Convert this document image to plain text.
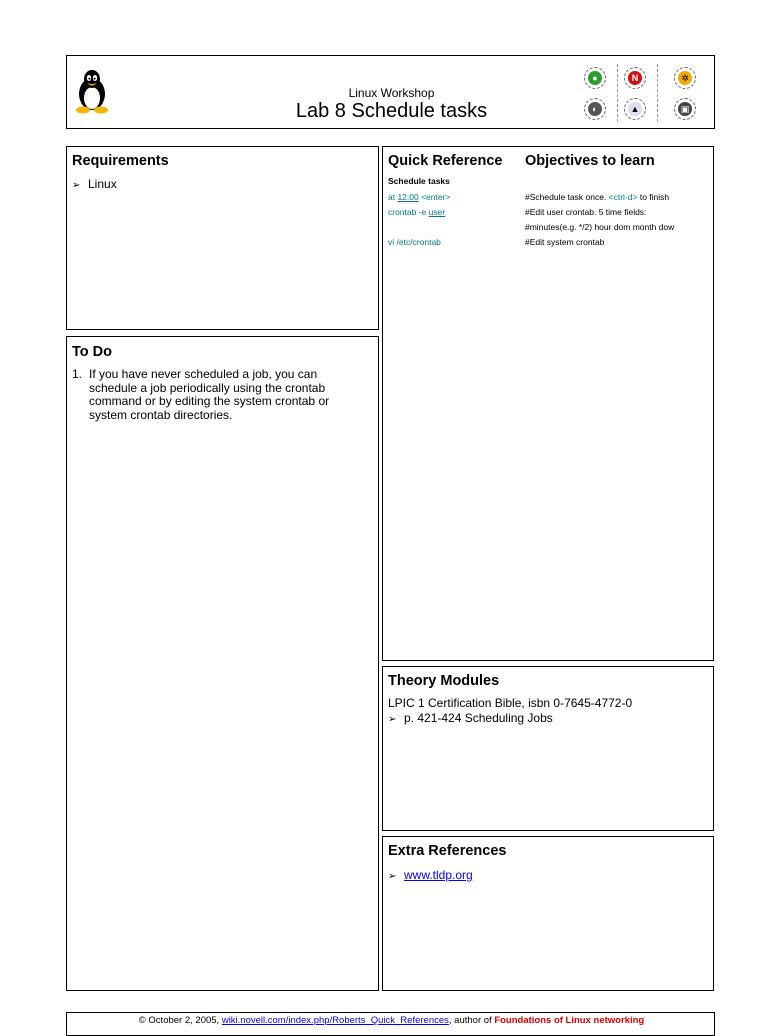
Linux Workshop
Lab 8 Schedule tasks
●	N	✲
◐	▲	▣
Requirements
➢ Linux
To Do
1. If you have never scheduled a job, you can
schedule a job periodically using the crontab
command or by editing the system crontab or
system crontab directories.
Quick Reference Objectives to learn
Schedule tasks
at 12:00 <enter>	#Schedule task once. <ctrl-d> to finish
crontab -e user	#Edit user crontab. 5 time fields:
#minutes(e.g. */2) hour dom month dow
vi /etc/crontab	#Edit system crontab
Theory Modules
LPIC 1 Certification Bible, isbn 0-7645-4772-0
➢ p. 421-424 Scheduling Jobs
Extra References
➢ www.tldp.org
© October 2, 2005, wiki.novell.com/index.php/Roberts_Quick_References, author of Foundations of Linux networking
